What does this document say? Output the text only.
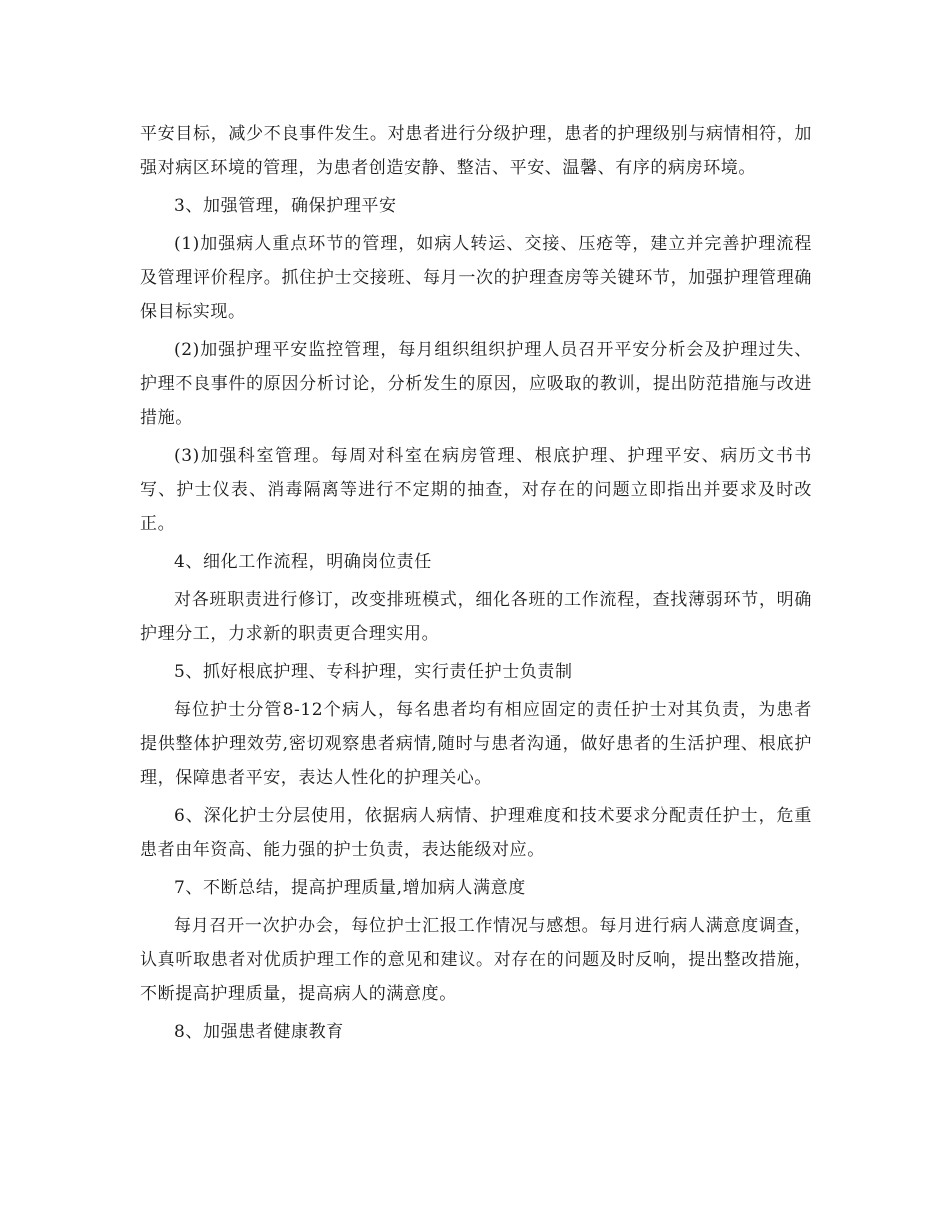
平安目标，减少不良事件发生。对患者进行分级护理，患者的护理级别与病情相符，加强对病区环境的管理，为患者创造安静、整洁、平安、温馨、有序的病房环境。

3、加强管理，确保护理平安

(1)加强病人重点环节的管理，如病人转运、交接、压疮等，建立并完善护理流程及管理评价程序。抓住护士交接班、每月一次的护理查房等关键环节，加强护理管理确保目标实现。

(2)加强护理平安监控管理，每月组织组织护理人员召开平安分析会及护理过失、护理不良事件的原因分析讨论，分析发生的原因，应吸取的教训，提出防范措施与改进措施。

(3)加强科室管理。每周对科室在病房管理、根底护理、护理平安、病历文书书写、护士仪表、消毒隔离等进行不定期的抽查，对存在的问题立即指出并要求及时改正。

4、细化工作流程，明确岗位责任

对各班职责进行修订，改变排班模式，细化各班的工作流程，查找薄弱环节，明确护理分工，力求新的职责更合理实用。

5、抓好根底护理、专科护理，实行责任护士负责制

每位护士分管8-12个病人，每名患者均有相应固定的责任护士对其负责，为患者提供整体护理效劳,密切观察患者病情,随时与患者沟通，做好患者的生活护理、根底护理，保障患者平安，表达人性化的护理关心。

6、深化护士分层使用，依据病人病情、护理难度和技术要求分配责任护士，危重患者由年资高、能力强的护士负责，表达能级对应。

7、不断总结，提高护理质量,增加病人满意度

每月召开一次护办会，每位护士汇报工作情况与感想。每月进行病人满意度调查，认真听取患者对优质护理工作的意见和建议。对存在的问题及时反响，提出整改措施，不断提高护理质量，提高病人的满意度。

8、加强患者健康教育
